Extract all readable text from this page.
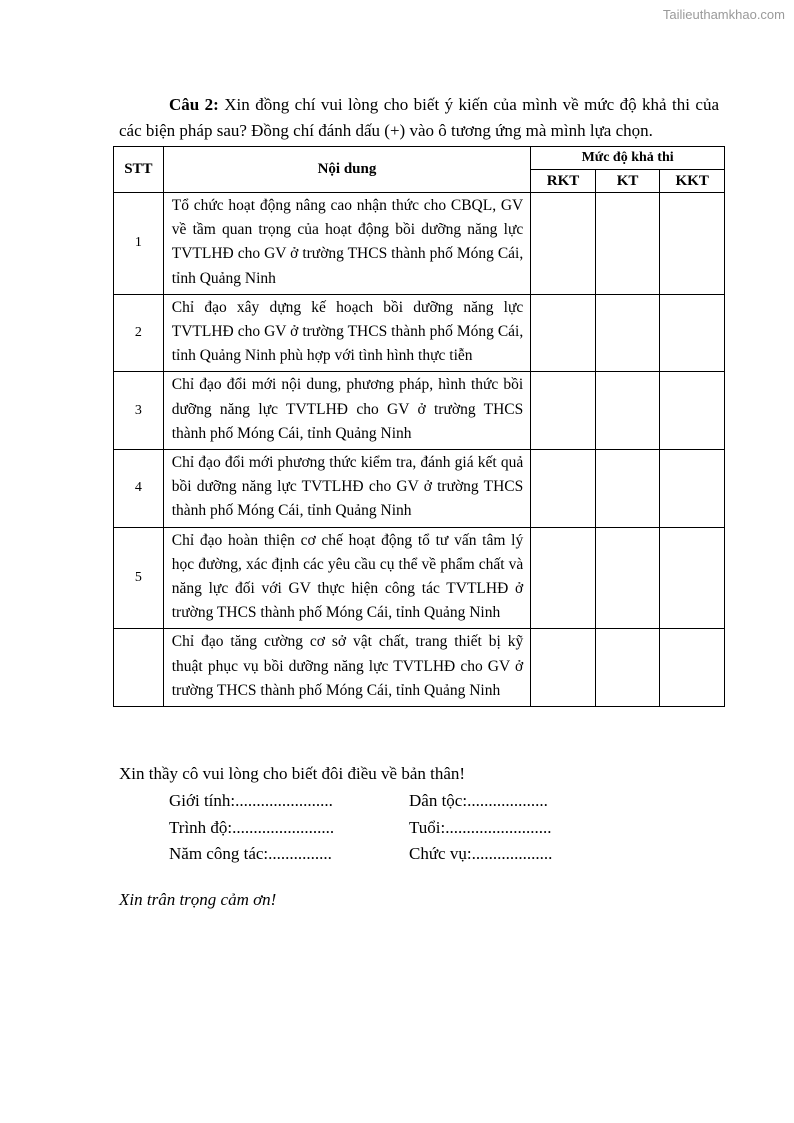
Tailieuthamkhao.com
Câu 2: Xin đồng chí vui lòng cho biết ý kiến của mình về mức độ khả thi của các biện pháp sau? Đồng chí đánh dấu (+) vào ô tương ứng mà mình lựa chọn.
STT	Nội dung	Mức độ khả thi		
		RKT	KT	KKT
1	Tổ chức hoạt động nâng cao nhận thức cho CBQL, GV về tầm quan trọng của hoạt động bồi dưỡng năng lực TVTLHĐ cho GV ở trường THCS thành phố Móng Cái, tỉnh Quảng Ninh			
2	Chỉ đạo xây dựng kế hoạch bồi dưỡng năng lực TVTLHĐ cho GV ở trường THCS thành phố Móng Cái, tỉnh Quảng Ninh phù hợp với tình hình thực tiễn			
3	Chỉ đạo đổi mới nội dung, phương pháp, hình thức bồi dưỡng năng lực TVTLHĐ cho GV ở trường THCS thành phố Móng Cái, tỉnh Quảng Ninh			
4	Chỉ đạo đổi mới phương thức kiểm tra, đánh giá kết quả bồi dưỡng năng lực TVTLHĐ cho GV ở trường THCS thành phố Móng Cái, tỉnh Quảng Ninh			
5	Chỉ đạo hoàn thiện cơ chế hoạt động tổ tư vấn tâm lý học đường, xác định các yêu cầu cụ thể về phẩm chất và năng lực đối với GV thực hiện công tác TVTLHĐ ở trường THCS thành phố Móng Cái, tỉnh Quảng Ninh			
	Chỉ đạo tăng cường cơ sở vật chất, trang thiết bị kỹ thuật phục vụ bồi dưỡng năng lực TVTLHĐ cho GV ở trường THCS thành phố Móng Cái, tỉnh Quảng Ninh			
Xin thầy cô vui lòng cho biết đôi điều về bản thân!
Giới tính:.......................	Dân tộc:...................
Trình độ:........................	Tuổi:.........................
Năm công tác:...............	Chức vụ:...................
Xin trân trọng cảm ơn!
